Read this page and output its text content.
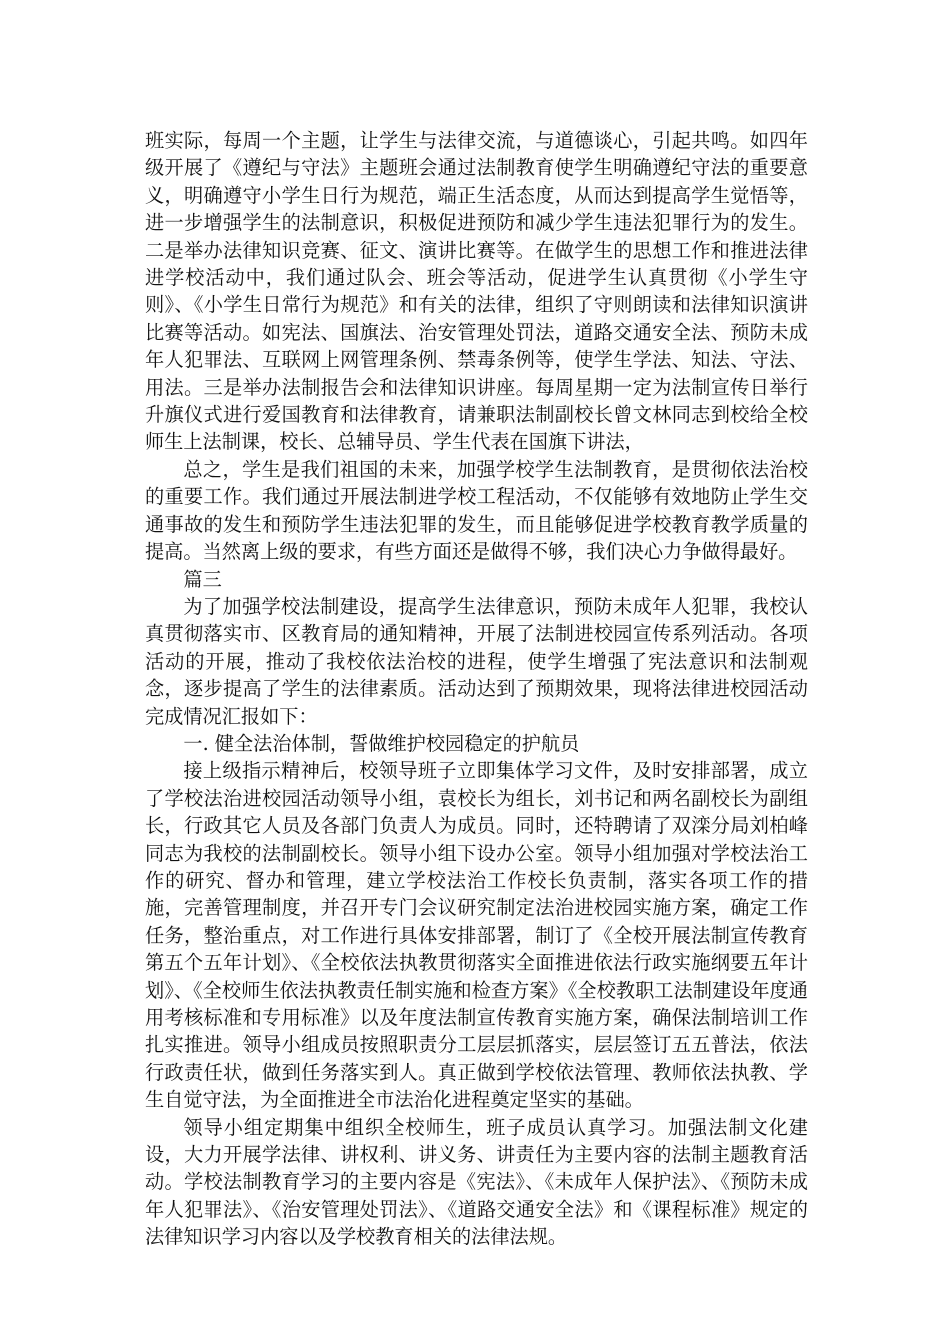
班实际，每周一个主题，让学生与法律交流，与道德谈心，引起共鸣。如四年级开展了《遵纪与守法》主题班会通过法制教育使学生明确遵纪守法的重要意义，明确遵守小学生日行为规范，端正生活态度，从而达到提高学生觉悟等，进一步增强学生的法制意识，积极促进预防和减少学生违法犯罪行为的发生。二是举办法律知识竞赛、征文、演讲比赛等。在做学生的思想工作和推进法律进学校活动中，我们通过队会、班会等活动，促进学生认真贯彻《小学生守则》、《小学生日常行为规范》和有关的法律，组织了守则朗读和法律知识演讲比赛等活动。如宪法、国旗法、治安管理处罚法，道路交通安全法、预防未成年人犯罪法、互联网上网管理条例、禁毒条例等，使学生学法、知法、守法、用法。三是举办法制报告会和法律知识讲座。每周星期一定为法制宣传日举行升旗仪式进行爱国教育和法律教育，请兼职法制副校长曾文林同志到校给全校师生上法制课，校长、总辅导员、学生代表在国旗下讲法，

总之，学生是我们祖国的未来，加强学校学生法制教育，是贯彻依法治校的重要工作。我们通过开展法制进学校工程活动，不仅能够有效地防止学生交通事故的发生和预防学生违法犯罪的发生，而且能够促进学校教育教学质量的提高。当然离上级的要求，有些方面还是做得不够，我们决心力争做得最好。

篇三

为了加强学校法制建设，提高学生法律意识，预防未成年人犯罪，我校认真贯彻落实市、区教育局的通知精神，开展了法制进校园宣传系列活动。各项活动的开展，推动了我校依法治校的进程，使学生增强了宪法意识和法制观念，逐步提高了学生的法律素质。活动达到了预期效果，现将法律进校园活动完成情况汇报如下：

一. 健全法治体制，誓做维护校园稳定的护航员

接上级指示精神后，校领导班子立即集体学习文件，及时安排部署，成立了学校法治进校园活动领导小组，袁校长为组长，刘书记和两名副校长为副组长，行政其它人员及各部门负责人为成员。同时，还特聘请了双滦分局刘柏峰同志为我校的法制副校长。领导小组下设办公室。领导小组加强对学校法治工作的研究、督办和管理，建立学校法治工作校长负责制，落实各项工作的措施，完善管理制度，并召开专门会议研究制定法治进校园实施方案，确定工作任务，整治重点，对工作进行具体安排部署，制订了《全校开展法制宣传教育第五个五年计划》、《全校依法执教贯彻落实全面推进依法行政实施纲要五年计划》、《全校师生依法执教责任制实施和检查方案》《全校教职工法制建设年度通用考核标准和专用标准》以及年度法制宣传教育实施方案，确保法制培训工作扎实推进。领导小组成员按照职责分工层层抓落实，层层签订五五普法，依法行政责任状，做到任务落实到人。真正做到学校依法管理、教师依法执教、学生自觉守法，为全面推进全市法治化进程奠定坚实的基础。

领导小组定期集中组织全校师生，班子成员认真学习。加强法制文化建设，大力开展学法律、讲权利、讲义务、讲责任为主要内容的法制主题教育活动。学校法制教育学习的主要内容是《宪法》、《未成年人保护法》、《预防未成年人犯罪法》、《治安管理处罚法》、《道路交通安全法》和《课程标准》规定的法律知识学习内容以及学校教育相关的法律法规。
